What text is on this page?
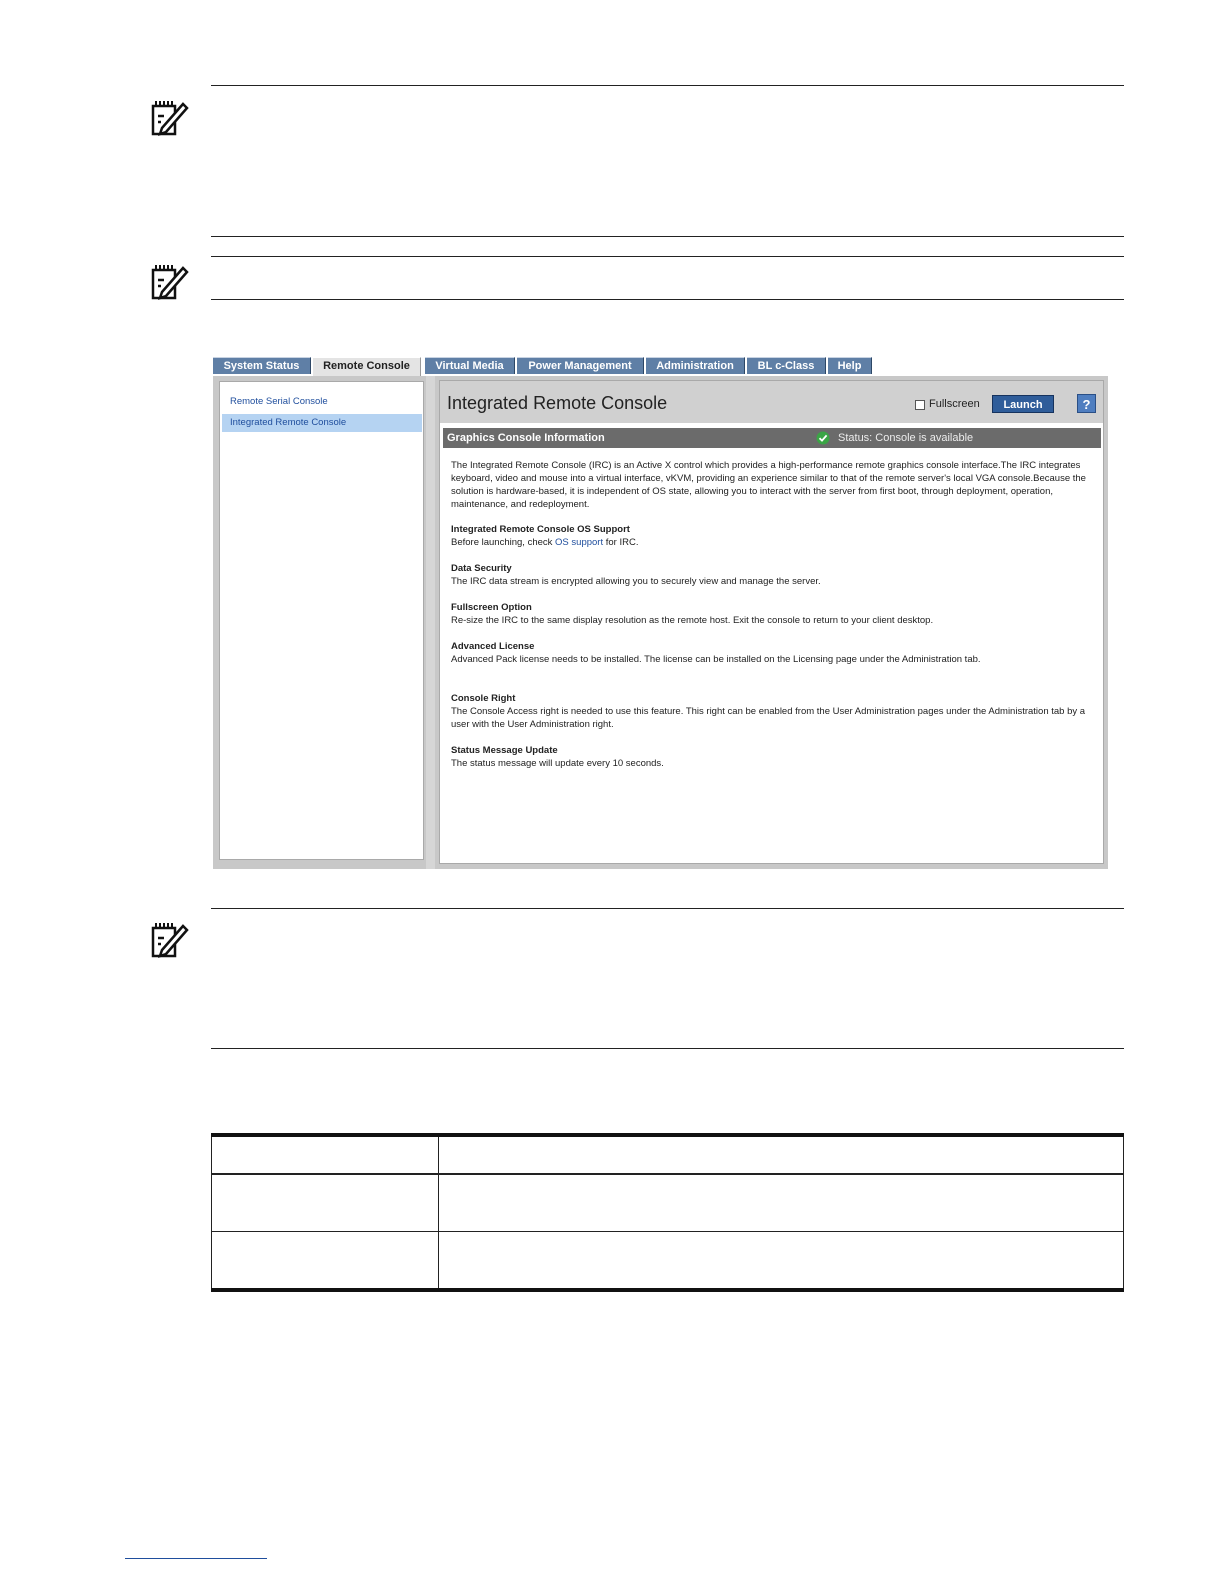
System Status	Remote Console	Virtual Media	Power Management	Administration	BL c-Class	Help
Remote Serial Console
Integrated Remote Console
Integrated Remote Console	Fullscreen	Launch	?
Graphics Console Information	Status: Console is available

The Integrated Remote Console (IRC) is an Active X control which provides a high-performance remote graphics console interface.The IRC integrates keyboard, video and mouse into a virtual interface, vKVM, providing an experience similar to that of the remote server's local VGA console.Because the solution is hardware-based, it is independent of OS state, allowing you to interact with the server from first boot, through deployment, operation, maintenance, and redeployment.

Integrated Remote Console OS Support

Before launching, check OS support for IRC.

Data Security

The IRC data stream is encrypted allowing you to securely view and manage the server.

Fullscreen Option

Re-size the IRC to the same display resolution as the remote host. Exit the console to return to your client desktop.

Advanced License

Advanced Pack license needs to be installed. The license can be installed on the Licensing page under the Administration tab.

Console Right

The Console Access right is needed to use this feature. This right can be enabled from the User Administration pages under the Administration tab by a user with the User Administration right.

Status Message Update

The status message will update every 10 seconds.
